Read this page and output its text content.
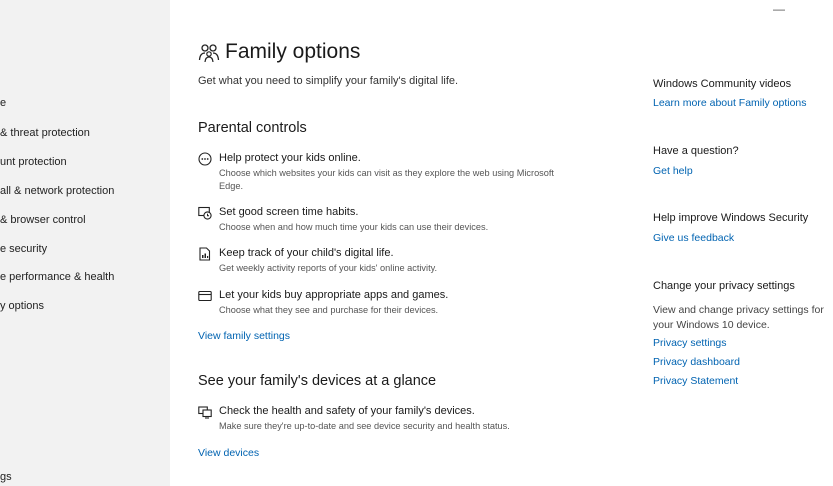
—
e
& threat protection
unt protection
all & network protection
& browser control
e security
e performance & health
y options
gs
Family options
Get what you need to simplify your family's digital life.
Parental controls
Help protect your kids online.
Choose which websites your kids can visit as they explore the web using Microsoft Edge.
Set good screen time habits.
Choose when and how much time your kids can use their devices.
Keep track of your child's digital life.
Get weekly activity reports of your kids' online activity.
Let your kids buy appropriate apps and games.
Choose what they see and purchase for their devices.
View family settings
See your family's devices at a glance
Check the health and safety of your family's devices.
Make sure they're up-to-date and see device security and health status.
View devices
Windows Community videos
Learn more about Family options
Have a question?
Get help
Help improve Windows Security
Give us feedback
Change your privacy settings
View and change privacy settings for your Windows 10 device.
Privacy settings
Privacy dashboard
Privacy Statement
